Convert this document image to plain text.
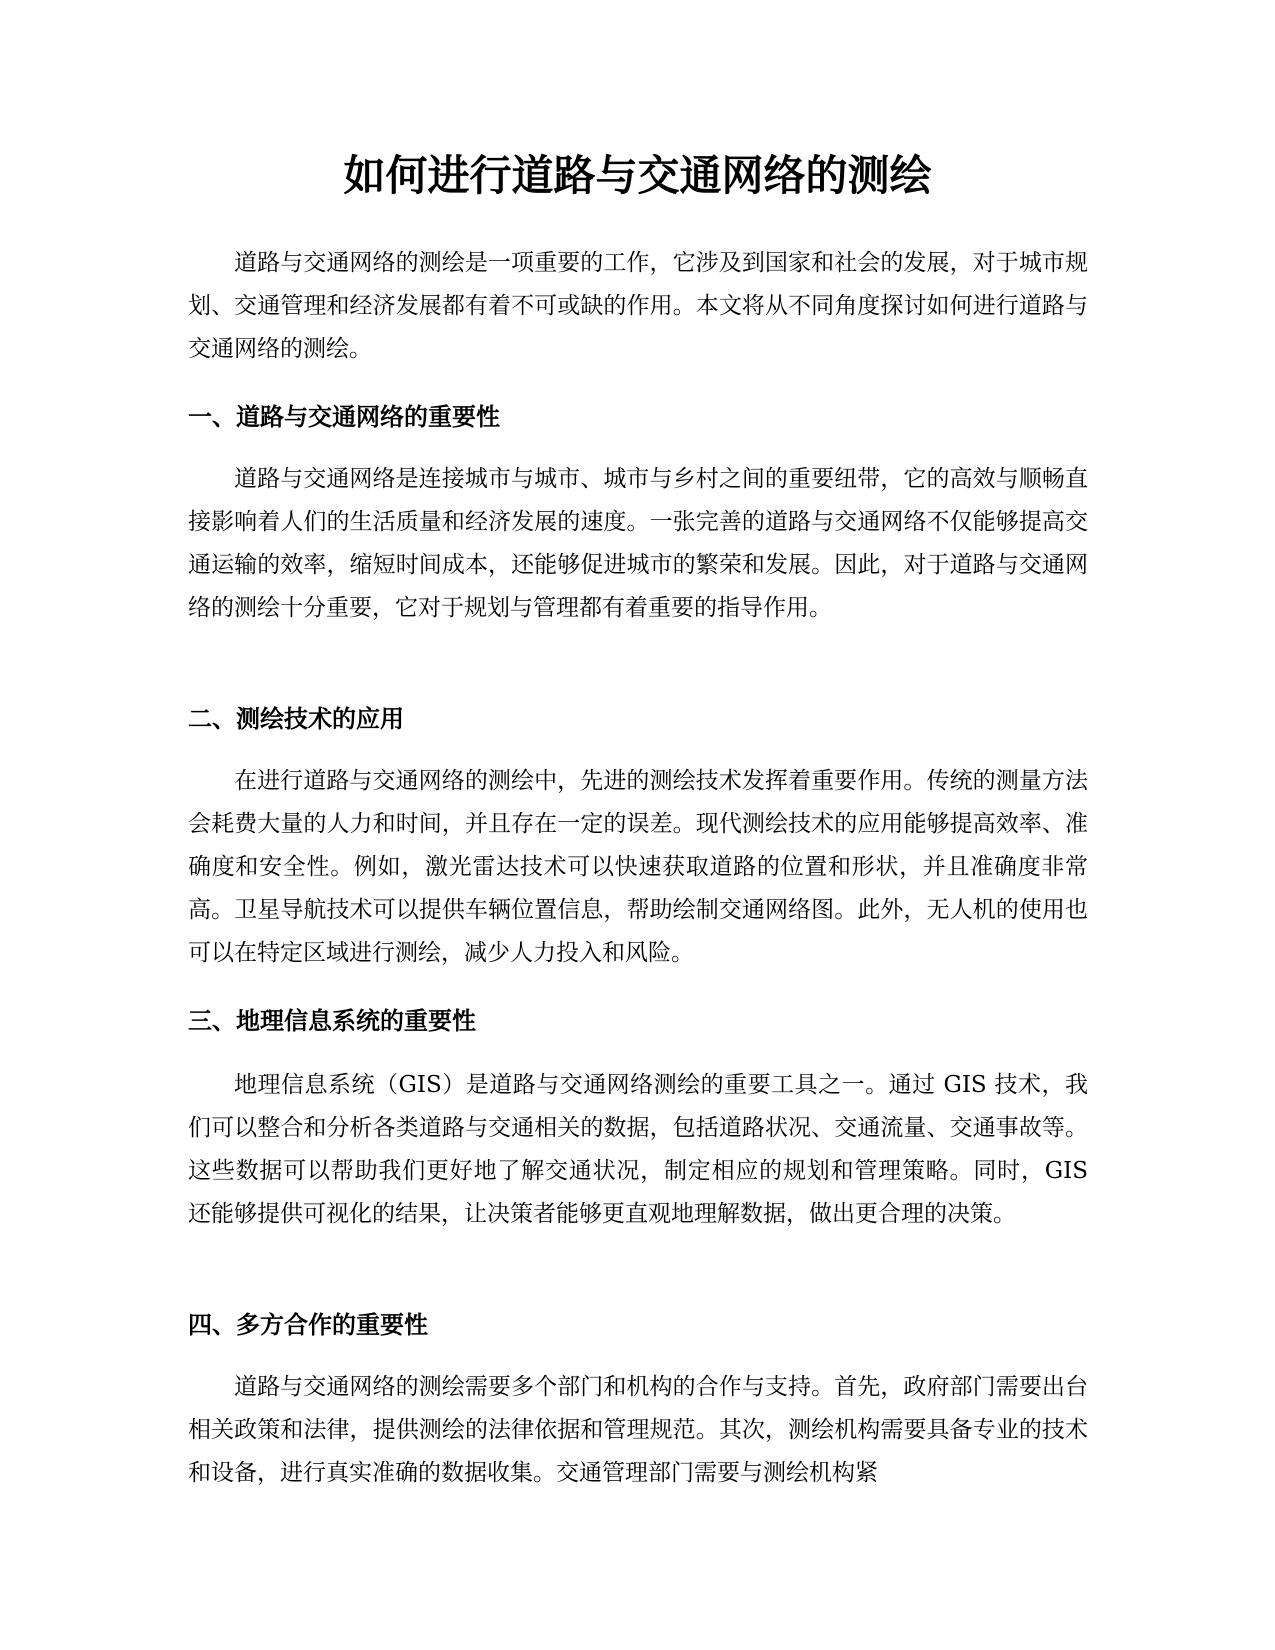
如何进行道路与交通网络的测绘

道路与交通网络的测绘是一项重要的工作，它涉及到国家和社会的发展，对于城市规划、交通管理和经济发展都有着不可或缺的作用。本文将从不同角度探讨如何进行道路与交通网络的测绘。

一、道路与交通网络的重要性

道路与交通网络是连接城市与城市、城市与乡村之间的重要纽带，它的高效与顺畅直接影响着人们的生活质量和经济发展的速度。一张完善的道路与交通网络不仅能够提高交通运输的效率，缩短时间成本，还能够促进城市的繁荣和发展。因此，对于道路与交通网络的测绘十分重要，它对于规划与管理都有着重要的指导作用。

二、测绘技术的应用

在进行道路与交通网络的测绘中，先进的测绘技术发挥着重要作用。传统的测量方法会耗费大量的人力和时间，并且存在一定的误差。现代测绘技术的应用能够提高效率、准确度和安全性。例如，激光雷达技术可以快速获取道路的位置和形状，并且准确度非常高。卫星导航技术可以提供车辆位置信息，帮助绘制交通网络图。此外，无人机的使用也可以在特定区域进行测绘，减少人力投入和风险。

三、地理信息系统的重要性

地理信息系统（GIS）是道路与交通网络测绘的重要工具之一。通过 GIS 技术，我们可以整合和分析各类道路与交通相关的数据，包括道路状况、交通流量、交通事故等。这些数据可以帮助我们更好地了解交通状况，制定相应的规划和管理策略。同时，GIS 还能够提供可视化的结果，让决策者能够更直观地理解数据，做出更合理的决策。

四、多方合作的重要性

道路与交通网络的测绘需要多个部门和机构的合作与支持。首先，政府部门需要出台相关政策和法律，提供测绘的法律依据和管理规范。其次，测绘机构需要具备专业的技术和设备，进行真实准确的数据收集。交通管理部门需要与测绘机构紧
